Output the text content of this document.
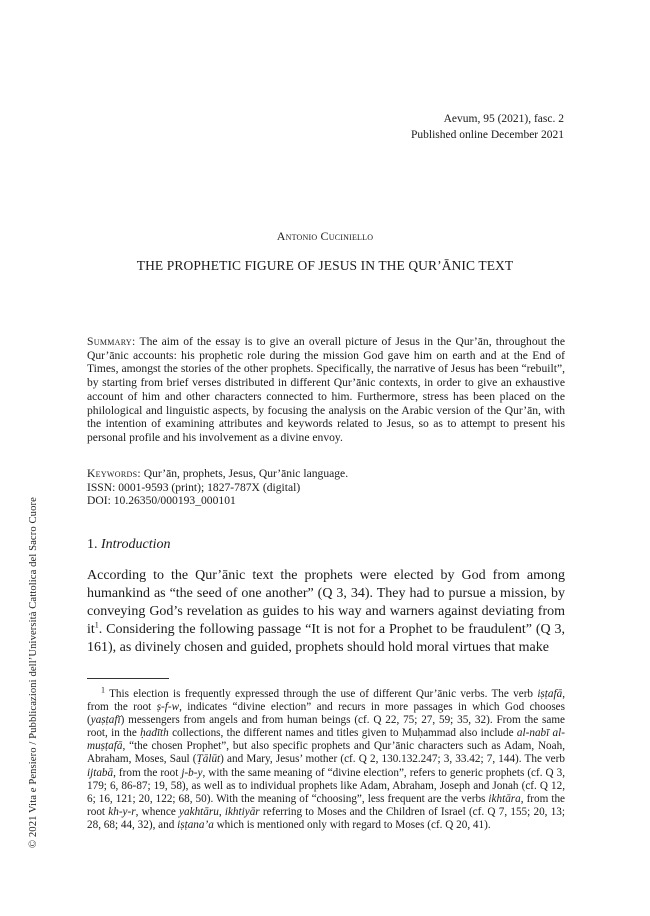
Aevum, 95 (2021), fasc. 2
Published online December 2021
Antonio Cuciniello
THE PROPHETIC FIGURE OF JESUS IN THE QUR’ĀNIC TEXT
Summary: The aim of the essay is to give an overall picture of Jesus in the Qur’ān, throughout the Qur’ānic accounts: his prophetic role during the mission God gave him on earth and at the End of Times, amongst the stories of the other prophets. Specifically, the narrative of Jesus has been “rebuilt”, by starting from brief verses distributed in different Qur’ānic contexts, in order to give an exhaustive account of him and other characters connected to him. Furthermore, stress has been placed on the philological and linguistic aspects, by focusing the analysis on the Arabic version of the Qur’ān, with the intention of examining attributes and keywords related to Jesus, so as to attempt to present his personal profile and his involvement as a divine envoy.
Keywords: Qur’ān, prophets, Jesus, Qur’ānic language.
ISSN: 0001-9593 (print); 1827-787X (digital)
DOI: 10.26350/000193_000101
1. Introduction
According to the Qur’ānic text the prophets were elected by God from among humankind as “the seed of one another” (Q 3, 34). They had to pursue a mission, by conveying God’s revelation as guides to his way and warners against deviating from $it^1$. Considering the following passage “It is not for a Prophet to be fraudulent” (Q 3, 161), as divinely chosen and guided, prophets should hold moral virtues that make
$^1$ This election is frequently expressed through the use of different Qur’ānic verbs. The verb iṣṭafā, from the root ṣ-f-w, indicates “divine election” and recurs in more passages in which God chooses (yaṣṭafī) messengers from angels and from human beings (cf. Q 22, 75; 27, 59; 35, 32). From the same root, in the ḥadīth collections, the different names and titles given to Muḥammad also include al-nabī al-muṣṭafā, “the chosen Prophet”, but also specific prophets and Qur’ānic characters such as Adam, Noah, Abraham, Moses, Saul (Ṭālūt) and Mary, Jesus’ mother (cf. Q 2, 130.132.247; 3, 33.42; 7, 144). The verb ijtabā, from the root j-b-y, with the same meaning of “divine election”, refers to generic prophets (cf. Q 3, 179; 6, 86-87; 19, 58), as well as to individual prophets like Adam, Abraham, Joseph and Jonah (cf. Q 12, 6; 16, 121; 20, 122; 68, 50). With the meaning of “choosing”, less frequent are the verbs ikhtāra, from the root kh-y-r, whence yakhtāru, ikhtiyār referring to Moses and the Children of Israel (cf. Q 7, 155; 20, 13; 28, 68; 44, 32), and iṣṭana’a which is mentioned only with regard to Moses (cf. Q 20, 41).
© 2021 Vita e Pensiero / Pubblicazioni dell’Università Cattolica del Sacro Cuore
